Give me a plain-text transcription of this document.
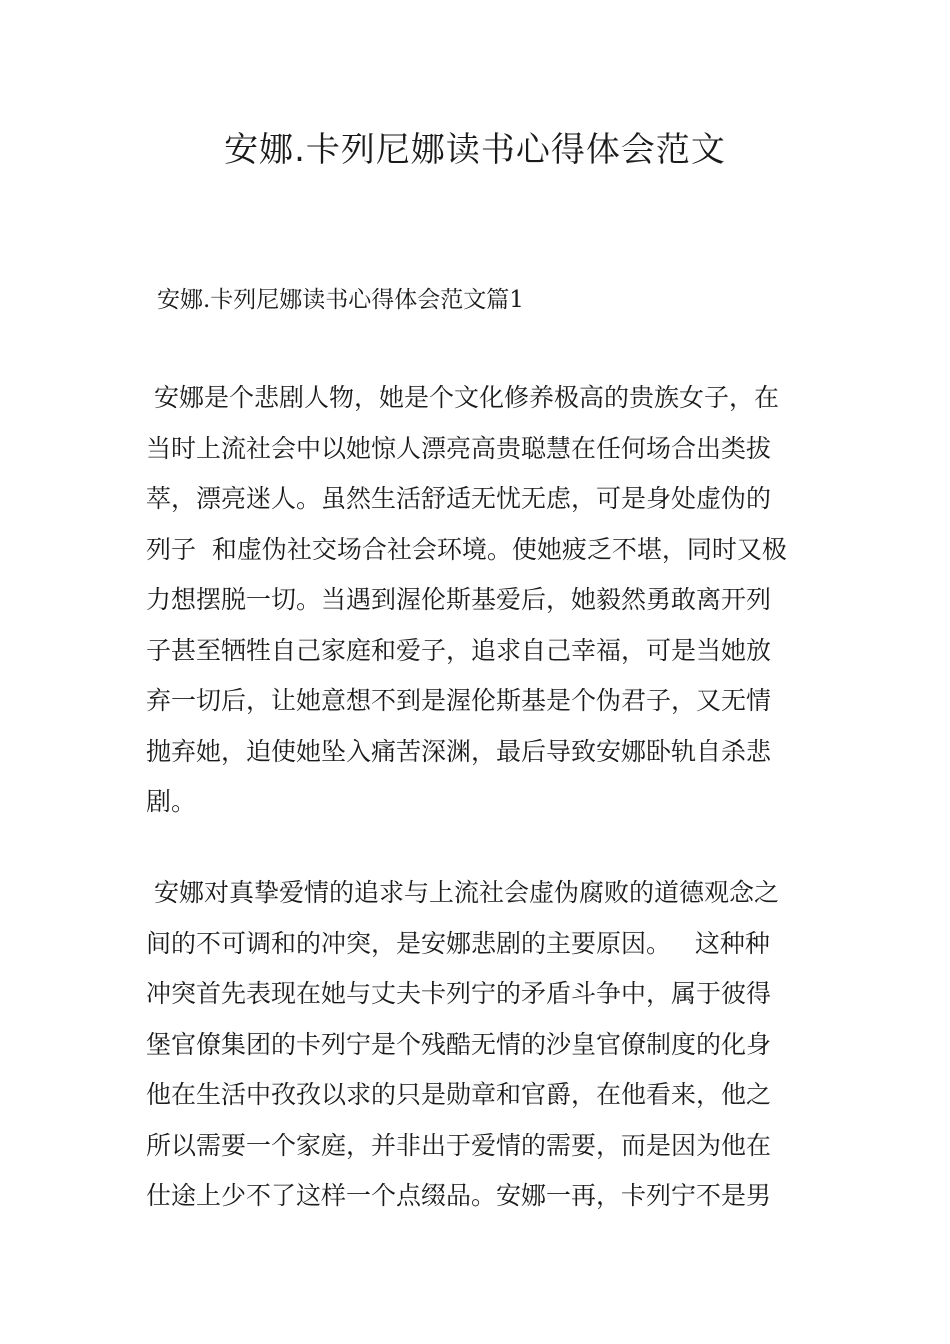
安娜.卡列尼娜读书心得体会范文
安娜.卡列尼娜读书心得体会范文篇1

安娜是个悲剧人物，她是个文化修养极高的贵族女子，在
当时上流社会中以她惊人漂亮高贵聪慧在任何场合出类拔
萃，漂亮迷人。虽然生活舒适无忧无虑，可是身处虚伪的
列子  和虚伪社交场合社会环境。使她疲乏不堪，同时又极
力想摆脱一切。当遇到渥伦斯基爱后，她毅然勇敢离开列
子甚至牺牲自己家庭和爱子，追求自己幸福，可是当她放
弃一切后，让她意想不到是渥伦斯基是个伪君子，又无情
抛弃她，迫使她坠入痛苦深渊，最后导致安娜卧轨自杀悲
剧。

安娜对真挚爱情的追求与上流社会虚伪腐败的道德观念之
间的不可调和的冲突，是安娜悲剧的主要原因。   这种种
冲突首先表现在她与丈夫卡列宁的矛盾斗争中，属于彼得
堡官僚集团的卡列宁是个残酷无情的沙皇官僚制度的化身
他在生活中孜孜以求的只是勋章和官爵，在他看来，他之
所以需要一个家庭，并非出于爱情的需要，而是因为他在
仕途上少不了这样一个点缀品。安娜一再，卡列宁不是男
